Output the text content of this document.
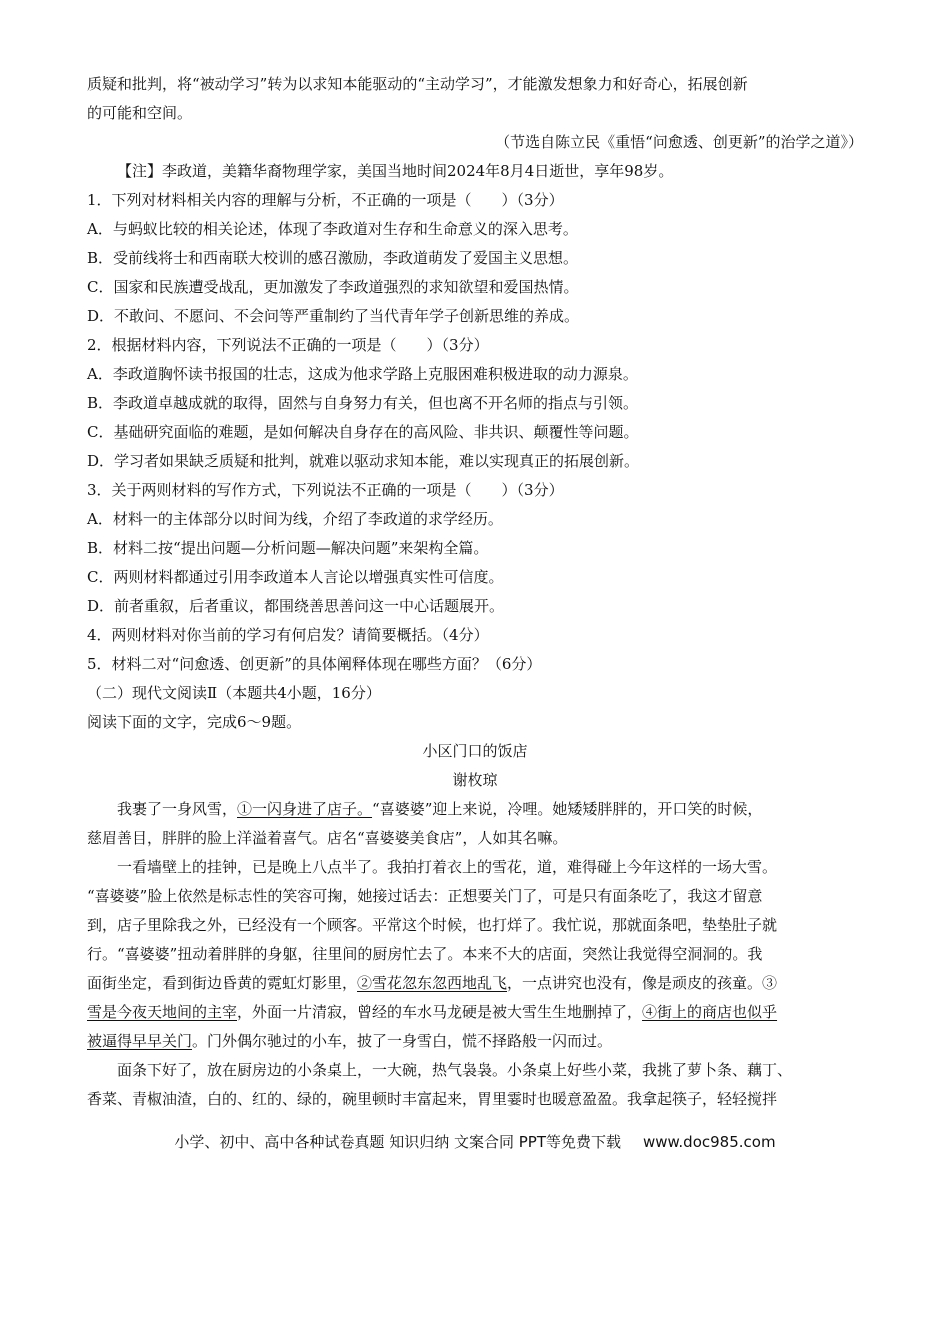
质疑和批判，将“被动学习”转为以求知本能驱动的“主动学习”，才能激发想象力和好奇心，拓展创新

的可能和空间。

（节选自陈立民《重悟“问愈透、创更新”的治学之道》）

【注】李政道，美籍华裔物理学家，美国当地时间2024年8月4日逝世，享年98岁。

1．下列对材料相关内容的理解与分析，不正确的一项是（　　）（3分）

A．与蚂蚁比较的相关论述，体现了李政道对生存和生命意义的深入思考。

B．受前线将士和西南联大校训的感召激励，李政道萌发了爱国主义思想。

C．国家和民族遭受战乱，更加激发了李政道强烈的求知欲望和爱国热情。

D．不敢问、不愿问、不会问等严重制约了当代青年学子创新思维的养成。

2．根据材料内容，下列说法不正确的一项是（　　）（3分）

A．李政道胸怀读书报国的壮志，这成为他求学路上克服困难积极进取的动力源泉。

B．李政道卓越成就的取得，固然与自身努力有关，但也离不开名师的指点与引领。

C．基础研究面临的难题，是如何解决自身存在的高风险、非共识、颠覆性等问题。

D．学习者如果缺乏质疑和批判，就难以驱动求知本能，难以实现真正的拓展创新。

3．关于两则材料的写作方式，下列说法不正确的一项是（　　）（3分）

A．材料一的主体部分以时间为线，介绍了李政道的求学经历。

B．材料二按“提出问题—分析问题—解决问题”来架构全篇。

C．两则材料都通过引用李政道本人言论以增强真实性可信度。

D．前者重叙，后者重议，都围绕善思善问这一中心话题展开。

4．两则材料对你当前的学习有何启发？请简要概括。（4分）

5．材料二对“问愈透、创更新”的具体阐释体现在哪些方面？（6分）

（二）现代文阅读Ⅱ（本题共4小题，16分）

阅读下面的文字，完成6～9题。

小区门口的饭店

谢枚琼

我裹了一身风雪，①一闪身进了店子。“喜婆婆”迎上来说，冷哩。她矮矮胖胖的，开口笑的时候，

慈眉善目，胖胖的脸上洋溢着喜气。店名“喜婆婆美食店”，人如其名嘛。

一看墙壁上的挂钟，已是晚上八点半了。我拍打着衣上的雪花，道，难得碰上今年这样的一场大雪。

“喜婆婆”脸上依然是标志性的笑容可掬，她接过话去：正想要关门了，可是只有面条吃了，我这才留意

到，店子里除我之外，已经没有一个顾客。平常这个时候，也打烊了。我忙说，那就面条吧，垫垫肚子就

行。“喜婆婆”扭动着胖胖的身躯，往里间的厨房忙去了。本来不大的店面，突然让我觉得空洞洞的。我

面街坐定，看到街边昏黄的霓虹灯影里，②雪花忽东忽西地乱飞，一点讲究也没有，像是顽皮的孩童。③

雪是今夜天地间的主宰，外面一片清寂，曾经的车水马龙硬是被大雪生生地删掉了，④街上的商店也似乎

被逼得早早关门。门外偶尔驰过的小车，披了一身雪白，慌不择路般一闪而过。

面条下好了，放在厨房边的小条桌上，一大碗，热气袅袅。小条桌上好些小菜，我挑了萝卜条、藕丁、

香菜、青椒油渣，白的、红的、绿的，碗里顿时丰富起来，胃里霎时也暖意盈盈。我拿起筷子，轻轻搅拌

小学、初中、高中各种试卷真题 知识归纳 文案合同 PPT等免费下载 www.doc985.com
